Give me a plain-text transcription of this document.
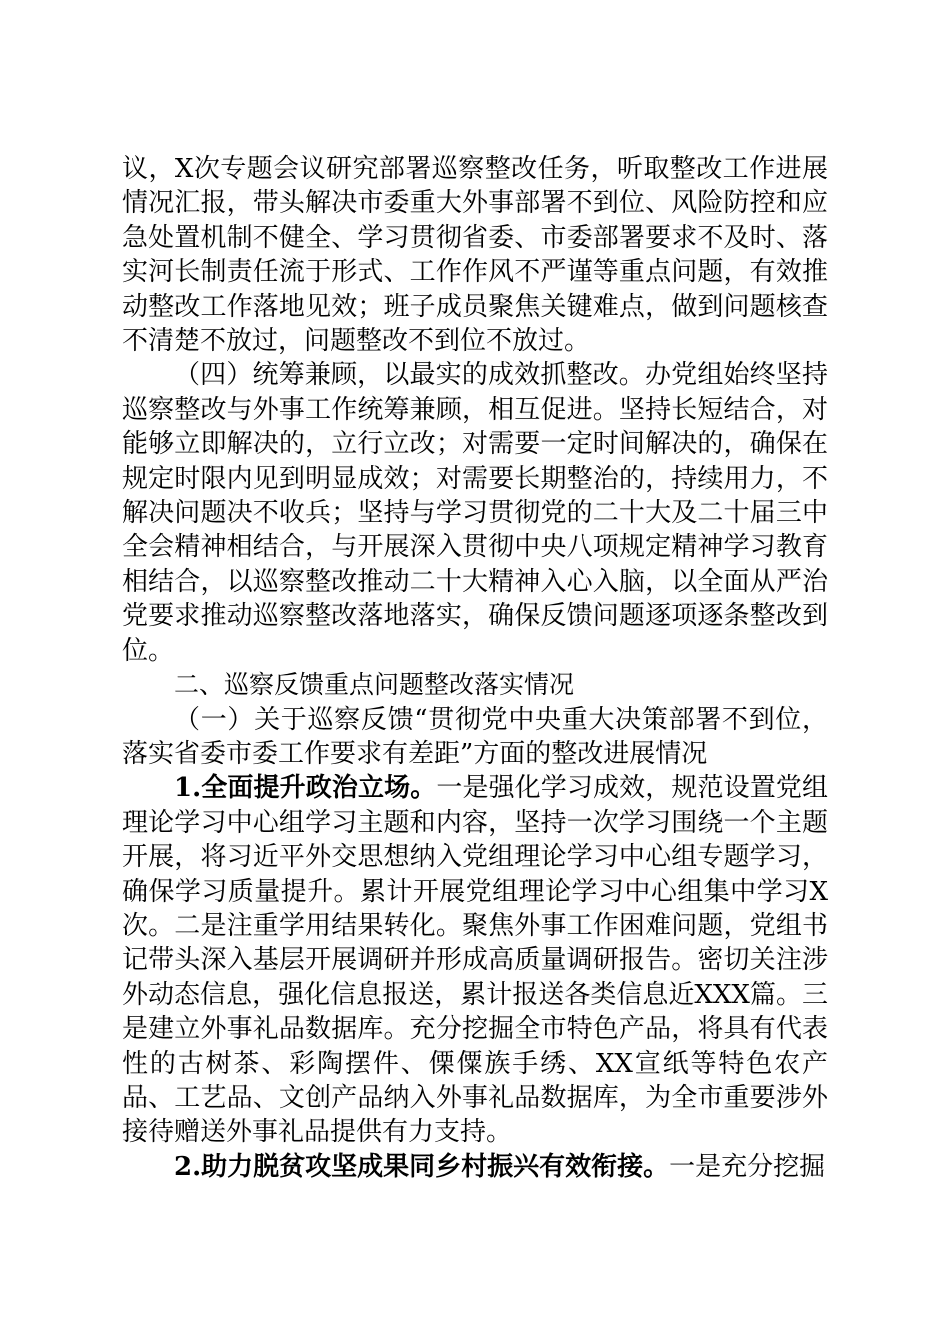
议，X次专题会议研究部署巡察整改任务，听取整改工作进展情况汇报，带头解决市委重大外事部署不到位、风险防控和应急处置机制不健全、学习贯彻省委、市委部署要求不及时、落实河长制责任流于形式、工作作风不严谨等重点问题，有效推动整改工作落地见效；班子成员聚焦关键难点，做到问题核查不清楚不放过，问题整改不到位不放过。

（四）统筹兼顾，以最实的成效抓整改。办党组始终坚持巡察整改与外事工作统筹兼顾，相互促进。坚持长短结合，对能够立即解决的，立行立改；对需要一定时间解决的，确保在规定时限内见到明显成效；对需要长期整治的，持续用力，不解决问题决不收兵；坚持与学习贯彻党的二十大及二十届三中全会精神相结合，与开展深入贯彻中央八项规定精神学习教育相结合，以巡察整改推动二十大精神入心入脑，以全面从严治党要求推动巡察整改落地落实，确保反馈问题逐项逐条整改到位。

二、巡察反馈重点问题整改落实情况

（一）关于巡察反馈“贯彻党中央重大决策部署不到位，落实省委市委工作要求有差距”方面的整改进展情况

1.全面提升政治立场。一是强化学习成效，规范设置党组理论学习中心组学习主题和内容，坚持一次学习围绕一个主题开展，将习近平外交思想纳入党组理论学习中心组专题学习，确保学习质量提升。累计开展党组理论学习中心组集中学习X次。二是注重学用结果转化。聚焦外事工作困难问题，党组书记带头深入基层开展调研并形成高质量调研报告。密切关注涉外动态信息，强化信息报送，累计报送各类信息近XXX篇。三是建立外事礼品数据库。充分挖掘全市特色产品，将具有代表性的古树茶、彩陶摆件、傈僳族手绣、XX宣纸等特色农产品、工艺品、文创产品纳入外事礼品数据库，为全市重要涉外接待赠送外事礼品提供有力支持。

2.助力脱贫攻坚成果同乡村振兴有效衔接。一是充分挖掘
